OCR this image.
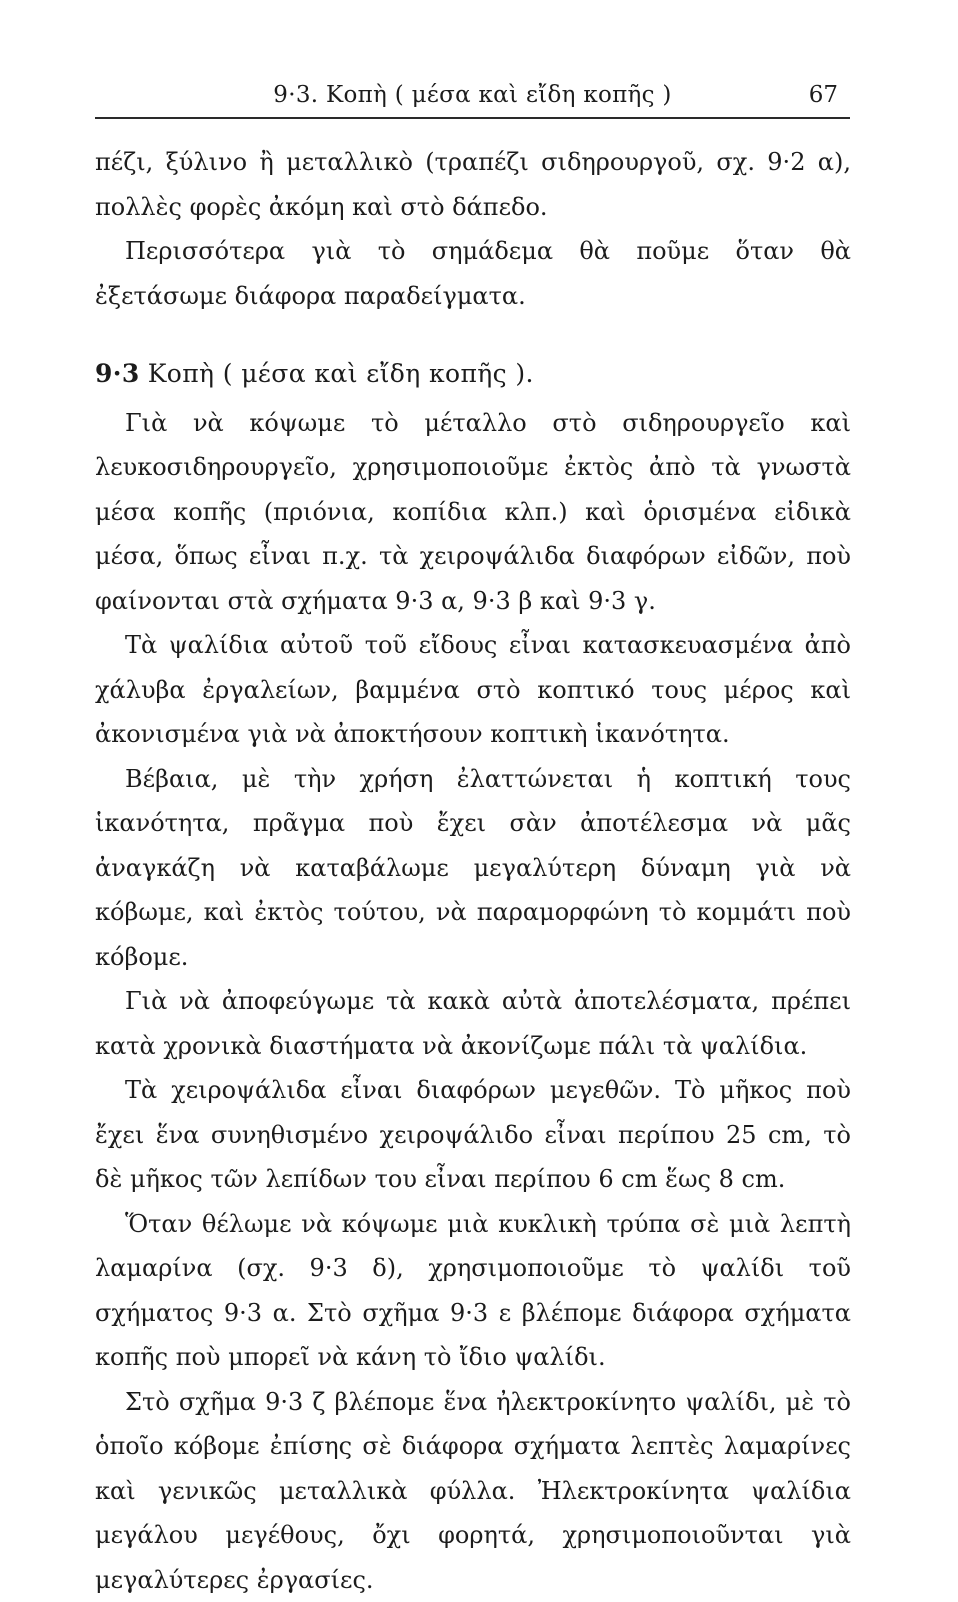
9·3. Κοπὴ ( μέσα καὶ εἴδη κοπῆς )	67

πέζι, ξύλινο ἢ μεταλλικὸ (τραπέζι σιδηρουργοῦ, σχ. 9·2 α), πολλὲς φορὲς ἀκόμη καὶ στὸ δάπεδο.

Περισσότερα γιὰ τὸ σημάδεμα θὰ ποῦμε ὅταν θὰ ἐξετάσωμε διάφορα παραδείγματα.

9·3 Κοπὴ ( μέσα καὶ εἴδη κοπῆς ).

Γιὰ νὰ κόψωμε τὸ μέταλλο στὸ σιδηρουργεῖο καὶ λευκοσιδηρουργεῖο, χρησιμοποιοῦμε ἐκτὸς ἀπὸ τὰ γνωστὰ μέσα κοπῆς (πριόνια, κοπίδια κλπ.) καὶ ὁρισμένα εἰδικὰ μέσα, ὅπως εἶναι π.χ. τὰ χειροψάλιδα διαφόρων εἰδῶν, ποὺ φαίνονται στὰ σχήματα 9·3 α, 9·3 β καὶ 9·3 γ.

Τὰ ψαλίδια αὐτοῦ τοῦ εἴδους εἶναι κατασκευασμένα ἀπὸ χάλυβα ἐργαλείων, βαμμένα στὸ κοπτικό τους μέρος καὶ ἀκονισμένα γιὰ νὰ ἀποκτήσουν κοπτικὴ ἱκανότητα.

Βέβαια, μὲ τὴν χρήση ἐλαττώνεται ἡ κοπτική τους ἱκανότητα, πρᾶγμα ποὺ ἔχει σὰν ἀποτέλεσμα νὰ μᾶς ἀναγκάζη νὰ καταβάλωμε μεγαλύτερη δύναμη γιὰ νὰ κόβωμε, καὶ ἐκτὸς τούτου, νὰ παραμορφώνη τὸ κομμάτι ποὺ κόβομε.

Γιὰ νὰ ἀποφεύγωμε τὰ κακὰ αὐτὰ ἀποτελέσματα, πρέπει κατὰ χρονικὰ διαστήματα νὰ ἀκονίζωμε πάλι τὰ ψαλίδια.

Τὰ χειροψάλιδα εἶναι διαφόρων μεγεθῶν. Τὸ μῆκος ποὺ ἔχει ἕνα συνηθισμένο χειροψάλιδο εἶναι περίπου 25 cm, τὸ δὲ μῆκος τῶν λεπίδων του εἶναι περίπου 6 cm ἕως 8 cm.

Ὅταν θέλωμε νὰ κόψωμε μιὰ κυκλικὴ τρύπα σὲ μιὰ λεπτὴ λαμαρίνα (σχ. 9·3 δ), χρησιμοποιοῦμε τὸ ψαλίδι τοῦ σχήματος 9·3 α. Στὸ σχῆμα 9·3 ε βλέπομε διάφορα σχήματα κοπῆς ποὺ μπορεῖ νὰ κάνη τὸ ἴδιο ψαλίδι.

Στὸ σχῆμα 9·3 ζ βλέπομε ἕνα ἠλεκτροκίνητο ψαλίδι, μὲ τὸ ὁποῖο κόβομε ἐπίσης σὲ διάφορα σχήματα λεπτὲς λαμαρίνες καὶ γενικῶς μεταλλικὰ φύλλα. Ἠλεκτροκίνητα ψαλίδια μεγάλου μεγέθους, ὄχι φορητά, χρησιμοποιοῦνται γιὰ μεγαλύτερες ἐργασίες.
